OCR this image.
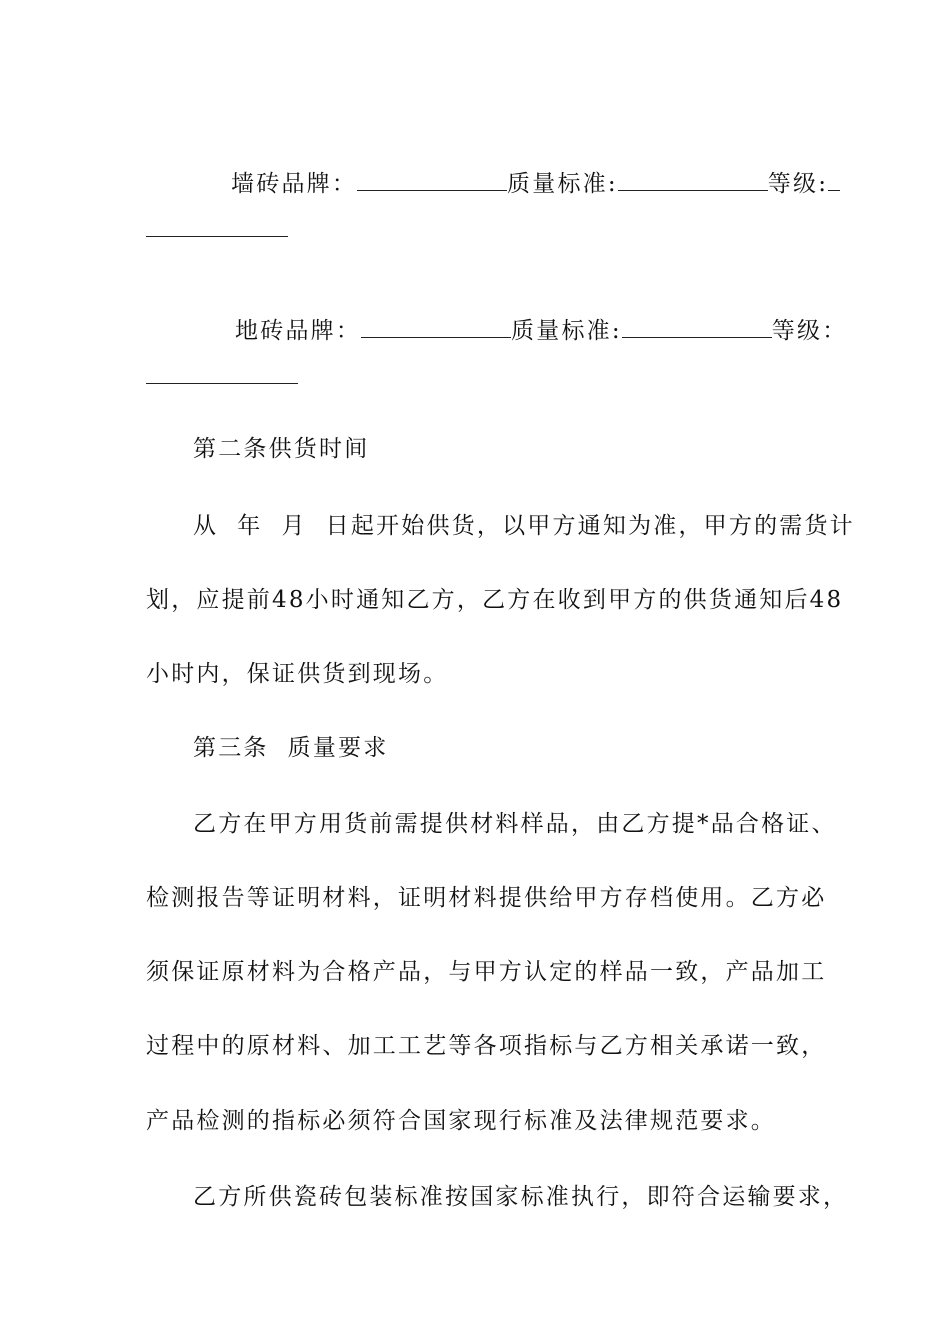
墙砖品牌：	质量标准:	等级:

地砖品牌：	质量标准:	等级：

第二条供货时间
从  年  月  日起开始供货，以甲方通知为准，甲方的需货计
划，应提前48小时通知乙方，乙方在收到甲方的供货通知后48
小时内，保证供货到现场。
第三条  质量要求
乙方在甲方用货前需提供材料样品，由乙方提*品合格证、
检测报告等证明材料，证明材料提供给甲方存档使用。乙方必
须保证原材料为合格产品，与甲方认定的样品一致，产品加工
过程中的原材料、加工工艺等各项指标与乙方相关承诺一致，
产品检测的指标必须符合国家现行标准及法律规范要求。
乙方所供瓷砖包装标准按国家标准执行，即符合运输要求，
